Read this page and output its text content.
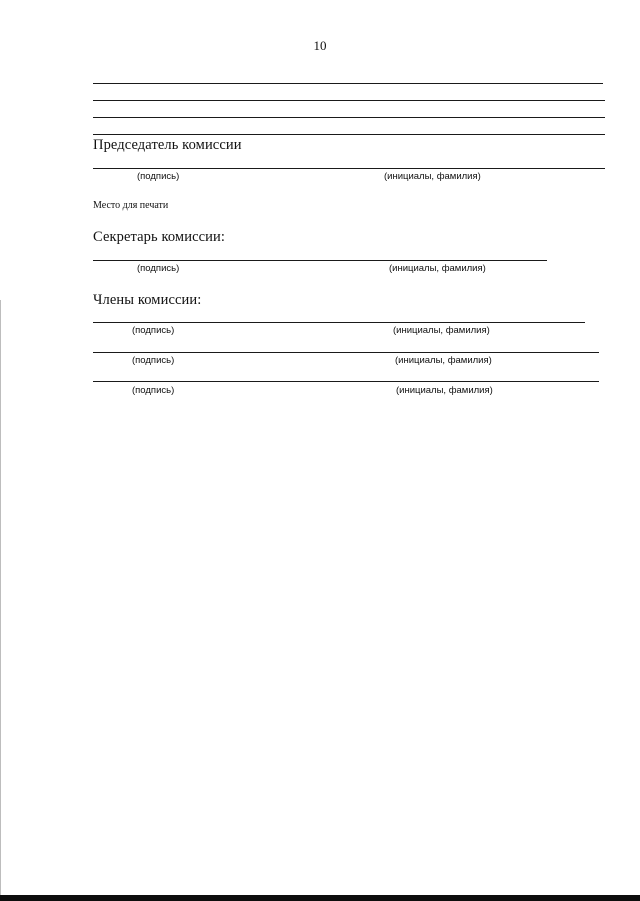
10
Председатель комиссии
(подпись)	(инициалы, фамилия)
Место для печати
Секретарь комиссии:
(подпись)	(инициалы, фамилия)
Члены комиссии:
(подпись)	(инициалы, фамилия)
(подпись)	(инициалы, фамилия)
(подпись)	(инициалы, фамилия)
